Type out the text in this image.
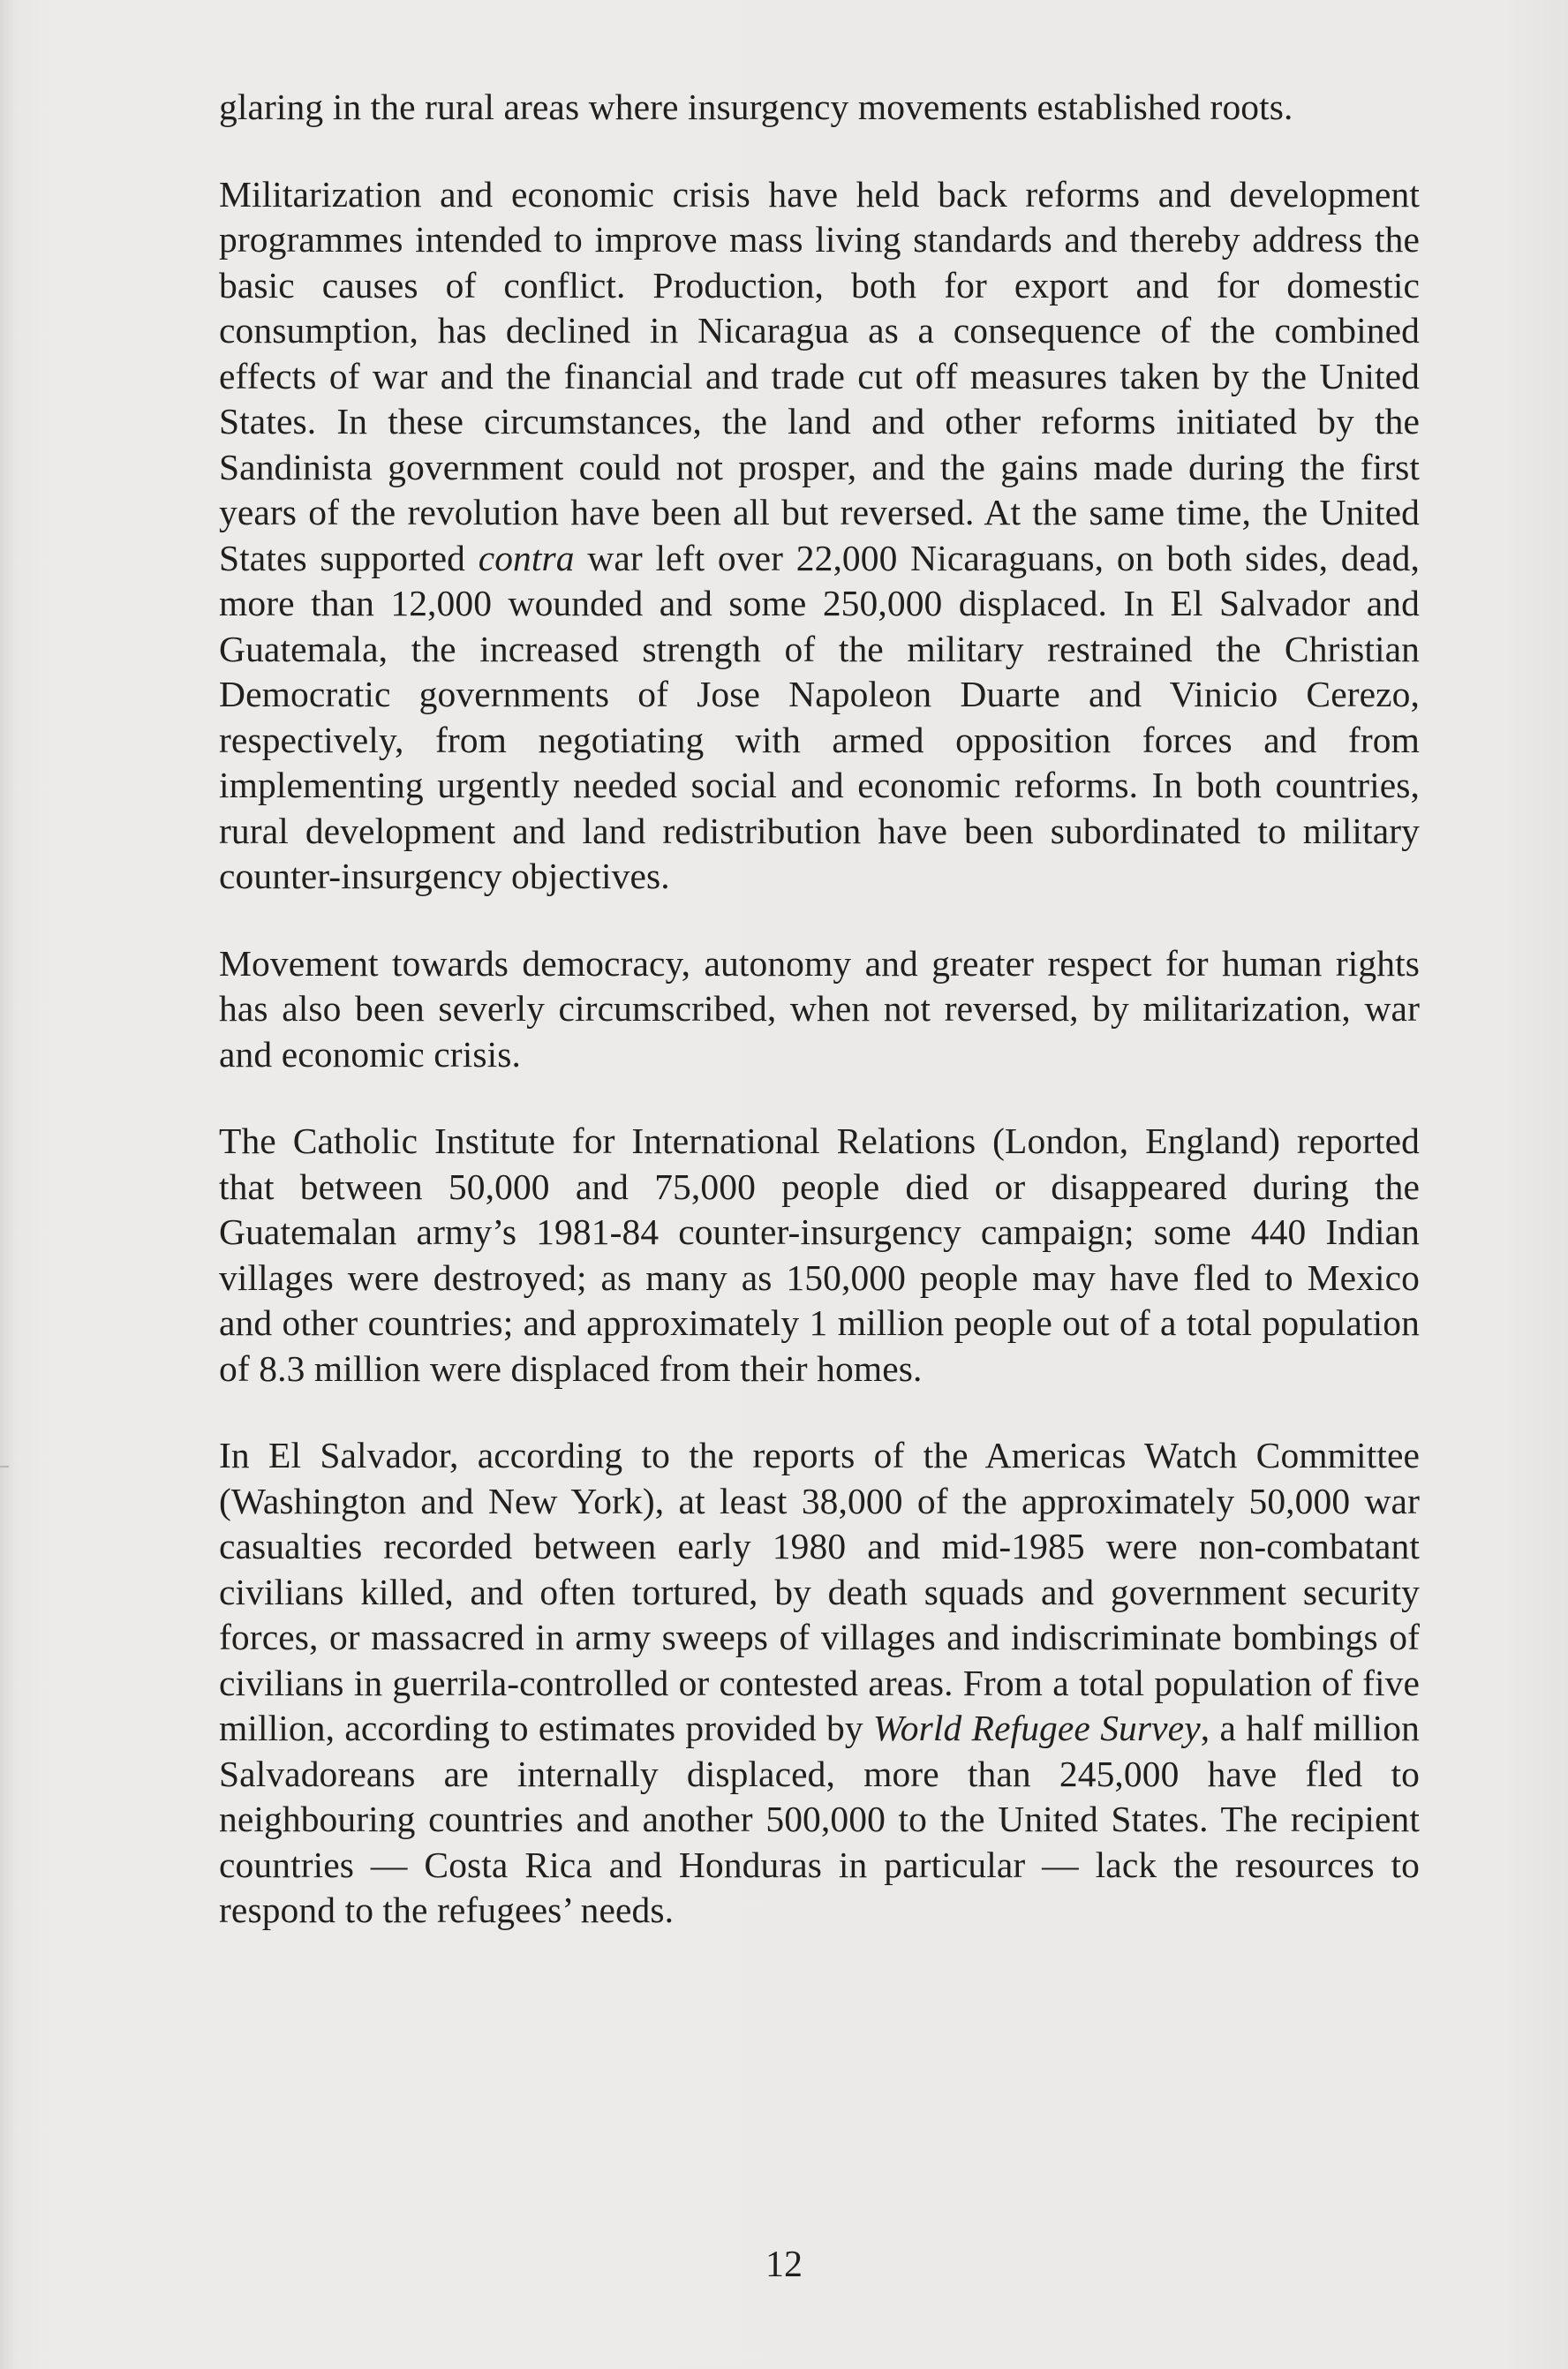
glaring in the rural areas where insurgency movements established roots.

Militarization and economic crisis have held back reforms and development programmes intended to improve mass living standards and thereby address the basic causes of conflict. Production, both for export and for domestic consumption, has declined in Nicaragua as a consequence of the combined effects of war and the financial and trade cut off measures taken by the United States. In these circumstances, the land and other reforms initiated by the Sandinista government could not prosper, and the gains made during the first years of the revolution have been all but reversed. At the same time, the United States supported contra war left over 22,000 Nicaraguans, on both sides, dead, more than 12,000 wounded and some 250,000 displaced. In El Salvador and Guatemala, the increased strength of the military restrained the Christian Democratic governments of Jose Napoleon Duarte and Vinicio Cerezo, respectively, from negotiating with armed opposition forces and from implementing urgently needed social and economic reforms. In both countries, rural development and land redistribution have been subordinated to military counter-insurgency objectives.

Movement towards democracy, autonomy and greater respect for human rights has also been severly circumscribed, when not reversed, by militarization, war and economic crisis.

The Catholic Institute for International Relations (London, England) reported that between 50,000 and 75,000 people died or disappeared during the Guatemalan army’s 1981-84 counter-insurgency campaign; some 440 Indian villages were destroyed; as many as 150,000 people may have fled to Mexico and other countries; and approximately 1 million people out of a total population of 8.3 million were displaced from their homes.

In El Salvador, according to the reports of the Americas Watch Committee (Washington and New York), at least 38,000 of the approximately 50,000 war casualties recorded between early 1980 and mid-1985 were non-combatant civilians killed, and often tortured, by death squads and government security forces, or massacred in army sweeps of villages and indiscriminate bombings of civilians in guerrila-controlled or contested areas. From a total population of five million, according to estimates provided by World Refugee Survey, a half million Salvadoreans are internally displaced, more than 245,000 have fled to neighbouring countries and another 500,000 to the United States. The recipient countries — Costa Rica and Honduras in particular — lack the resources to respond to the refugees’ needs.

12
